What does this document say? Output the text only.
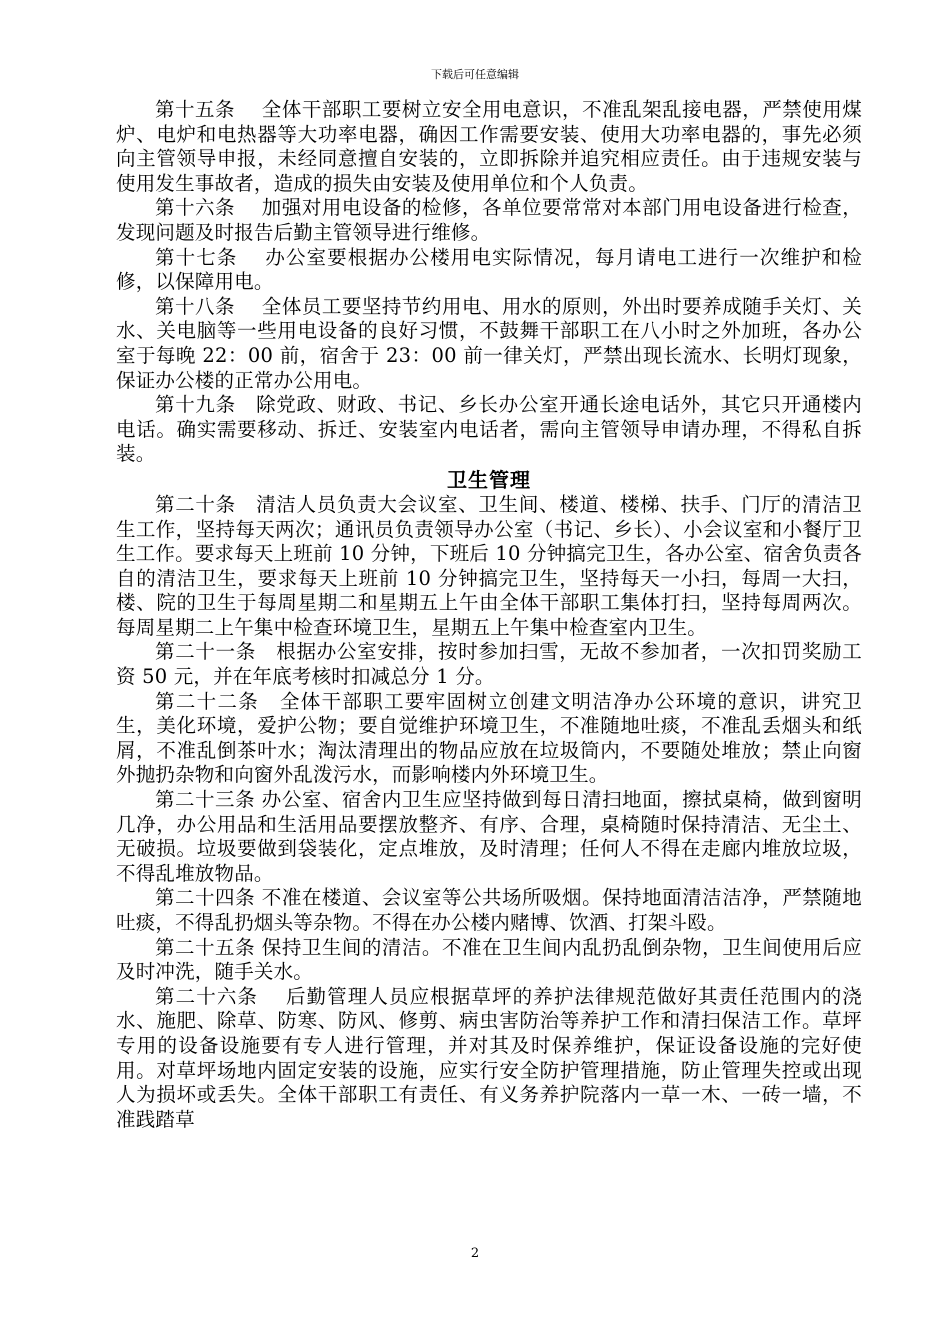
下载后可任意编辑

第十五条　 全体干部职工要树立安全用电意识，不准乱架乱接电器，严禁使用煤炉、电炉和电热器等大功率电器，确因工作需要安装、使用大功率电器的，事先必须向主管领导申报，未经同意擅自安装的，立即拆除并追究相应责任。由于违规安装与使用发生事故者，造成的损失由安装及使用单位和个人负责。

第十六条　 加强对用电设备的检修，各单位要常常对本部门用电设备进行检查，发现问题及时报告后勤主管领导进行维修。

第十七条　 办公室要根据办公楼用电实际情况，每月请电工进行一次维护和检修，以保障用电。

第十八条　 全体员工要坚持节约用电、用水的原则，外出时要养成随手关灯、关水、关电脑等一些用电设备的良好习惯，不鼓舞干部职工在八小时之外加班，各办公室于每晚 22：00 前，宿舍于 23：00 前一律关灯，严禁出现长流水、长明灯现象，保证办公楼的正常办公用电。

第十九条　除党政、财政、书记、乡长办公室开通长途电话外，其它只开通楼内电话。确实需要移动、拆迁、安装室内电话者，需向主管领导申请办理，不得私自拆装。

卫生管理

第二十条　清洁人员负责大会议室、卫生间、楼道、楼梯、扶手、门厅的清洁卫生工作，坚持每天两次；通讯员负责领导办公室（书记、乡长）、小会议室和小餐厅卫生工作。要求每天上班前 10 分钟，下班后 10 分钟搞完卫生，各办公室、宿舍负责各自的清洁卫生，要求每天上班前 10 分钟搞完卫生，坚持每天一小扫，每周一大扫，楼、院的卫生于每周星期二和星期五上午由全体干部职工集体打扫，坚持每周两次。每周星期二上午集中检查环境卫生，星期五上午集中检查室内卫生。

第二十一条　根据办公室安排，按时参加扫雪，无故不参加者，一次扣罚奖励工资 50 元，并在年底考核时扣减总分 1 分。

第二十二条　全体干部职工要牢固树立创建文明洁净办公环境的意识，讲究卫生，美化环境，爱护公物；要自觉维护环境卫生，不准随地吐痰，不准乱丢烟头和纸屑，不准乱倒茶叶水；淘汰清理出的物品应放在垃圾筒内，不要随处堆放；禁止向窗外抛扔杂物和向窗外乱泼污水，而影响楼内外环境卫生。

第二十三条 办公室、宿舍内卫生应坚持做到每日清扫地面，擦拭桌椅，做到窗明几净，办公用品和生活用品要摆放整齐、有序、合理，桌椅随时保持清洁、无尘土、无破损。垃圾要做到袋装化，定点堆放，及时清理；任何人不得在走廊内堆放垃圾，不得乱堆放物品。

第二十四条 不准在楼道、会议室等公共场所吸烟。保持地面清洁洁净，严禁随地吐痰，不得乱扔烟头等杂物。不得在办公楼内赌博、饮酒、打架斗殴。

第二十五条 保持卫生间的清洁。不准在卫生间内乱扔乱倒杂物，卫生间使用后应及时冲洗，随手关水。

第二十六条　 后勤管理人员应根据草坪的养护法律规范做好其责任范围内的浇水、施肥、除草、防寒、防风、修剪、病虫害防治等养护工作和清扫保洁工作。草坪专用的设备设施要有专人进行管理，并对其及时保养维护，保证设备设施的完好使用。对草坪场地内固定安装的设施，应实行安全防护管理措施，防止管理失控或出现人为损坏或丢失。全体干部职工有责任、有义务养护院落内一草一木、一砖一墙，不准践踏草

2
